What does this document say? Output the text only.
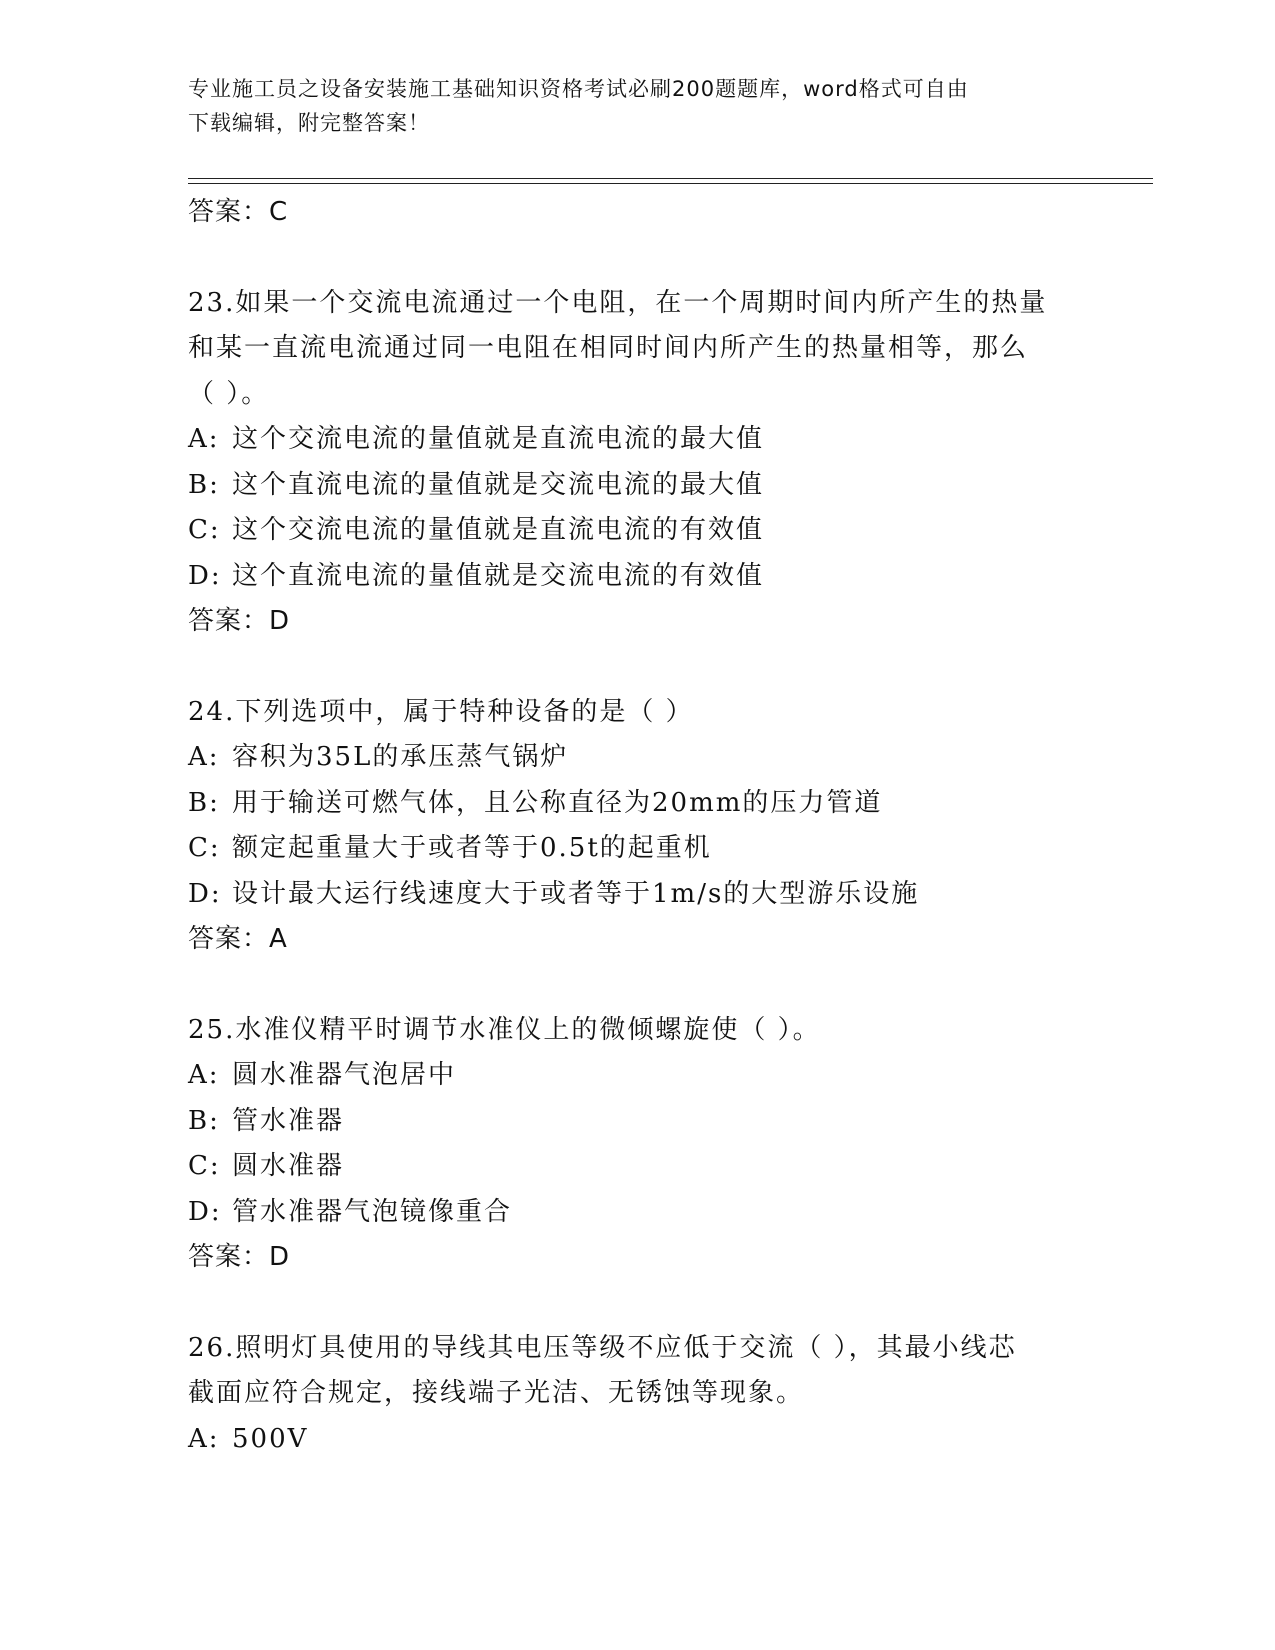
专业施工员之设备安装施工基础知识资格考试必刷200题题库，word格式可自由
下载编辑，附完整答案！
答案：C
23.如果一个交流电流通过一个电阻，在一个周期时间内所产生的热量
和某一直流电流通过同一电阻在相同时间内所产生的热量相等，那么
（ ）。
A: 这个交流电流的量值就是直流电流的最大值
B: 这个直流电流的量值就是交流电流的最大值
C: 这个交流电流的量值就是直流电流的有效值
D: 这个直流电流的量值就是交流电流的有效值
答案：D
24.下列选项中，属于特种设备的是（ ）
A: 容积为35L的承压蒸气锅炉
B: 用于输送可燃气体，且公称直径为20mm的压力管道
C: 额定起重量大于或者等于0.5t的起重机
D: 设计最大运行线速度大于或者等于1m/s的大型游乐设施
答案：A
25.水准仪精平时调节水准仪上的微倾螺旋使（ ）。
A: 圆水准器气泡居中
B: 管水准器
C: 圆水准器
D: 管水准器气泡镜像重合
答案：D
26.照明灯具使用的导线其电压等级不应低于交流（ ），其最小线芯
截面应符合规定，接线端子光洁、无锈蚀等现象。
A: 500V
